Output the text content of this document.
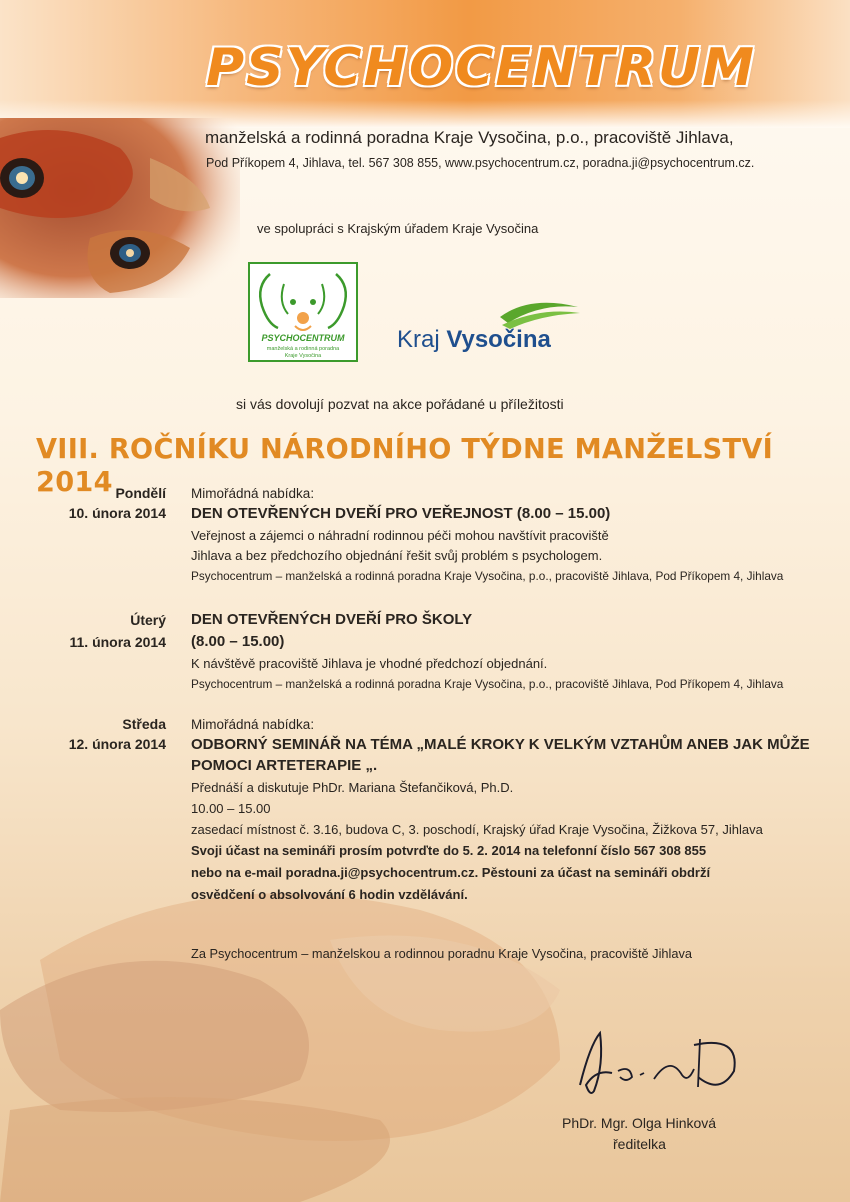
PSYCHOCENTRUM
manželská a rodinná poradna Kraje Vysočina, p.o., pracoviště Jihlava,
Pod Příkopem 4, Jihlava, tel. 567 308 855, www.psychocentrum.cz, poradna.ji@psychocentrum.cz.
ve spolupráci s Krajským úřadem Kraje Vysočina
PSYCHOCENTRUM
manželská a rodinná poradna
Kraje Vysočina
Kraj Vysočina
si vás dovolují pozvat na akce pořádané u příležitosti
VIII. ROČNÍKU NÁRODNÍHO TÝDNE MANŽELSTVÍ 2014 Pondělí
10. února 2014
Mimořádná nabídka:
DEN OTEVŘENÝCH DVEŘÍ PRO VEŘEJNOST (8.00 – 15.00)
Veřejnost a zájemci o náhradní rodinnou péči mohou navštívit pracoviště
Jihlava a bez předchozího objednání řešit svůj problém s psychologem.
Psychocentrum – manželská a rodinná poradna Kraje Vysočina, p.o., pracoviště Jihlava, Pod Příkopem 4, Jihlava
Úterý
11. února 2014
DEN OTEVŘENÝCH DVEŘÍ PRO ŠKOLY
(8.00 – 15.00)
K návštěvě pracoviště Jihlava je vhodné předchozí objednání.
Psychocentrum – manželská a rodinná poradna Kraje Vysočina, p.o., pracoviště Jihlava, Pod Příkopem 4, Jihlava
Středa
12. února 2014
Mimořádná nabídka:
ODBORNÝ SEMINÁŘ NA TÉMA „MALÉ KROKY K VELKÝM VZTAHŮM ANEB JAK MŮŽE
POMOCI ARTETERAPIE „.
Přednáší a diskutuje PhDr. Mariana Štefančiková, Ph.D.
10.00 – 15.00
zasedací místnost č. 3.16, budova C, 3. poschodí, Krajský úřad Kraje Vysočina, Žižkova 57, Jihlava
Svoji účast na semináři prosím potvrďte do 5. 2. 2014 na telefonní číslo 567 308 855
nebo na e-mail poradna.ji@psychocentrum.cz. Pěstouni za účast na semináři obdrží
osvědčení o absolvování 6 hodin vzdělávání.
Za Psychocentrum – manželskou a rodinnou poradnu Kraje Vysočina, pracoviště Jihlava
PhDr. Mgr. Olga Hinková
ředitelka
